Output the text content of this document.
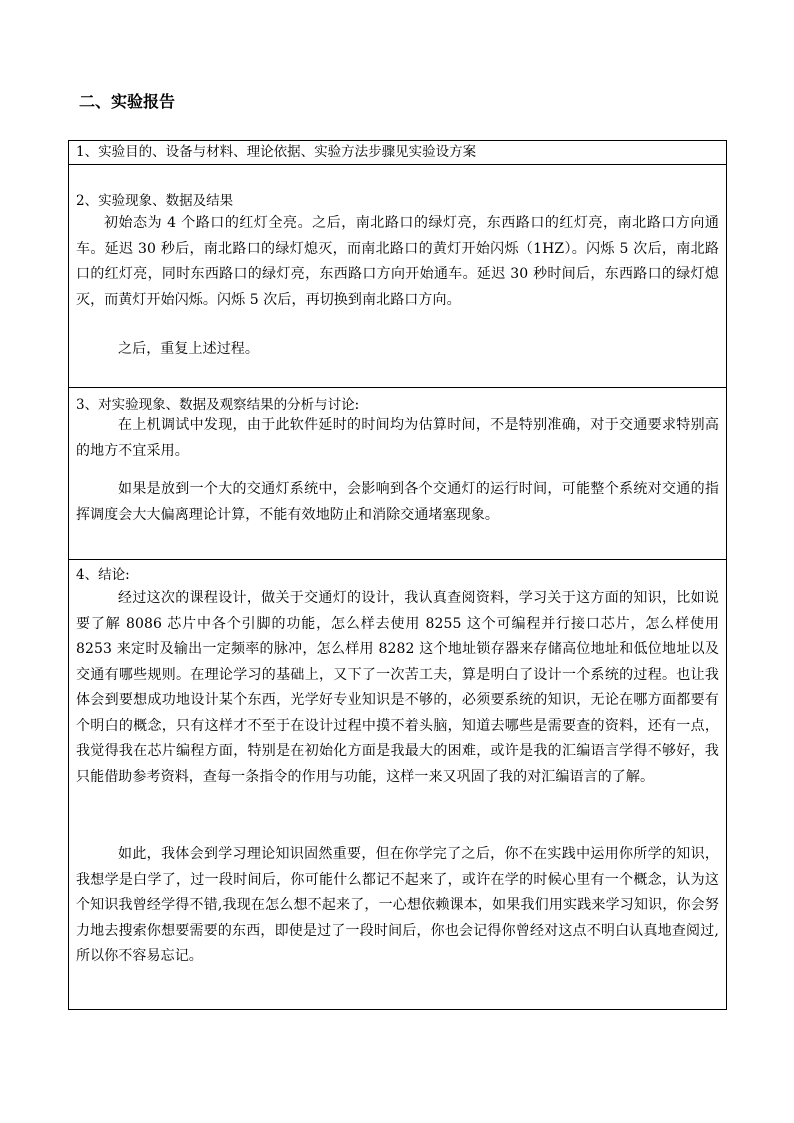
二、实验报告
1、实验目的、设备与材料、理论依据、实验方法步骤见实验设方案
2、实验现象、数据及结果

初始态为 4 个路口的红灯全亮。之后，南北路口的绿灯亮，东西路口的红灯亮，南北路口方向通车。延迟 30 秒后，南北路口的绿灯熄灭，而南北路口的黄灯开始闪烁（1HZ）。闪烁 5 次后，南北路口的红灯亮，同时东西路口的绿灯亮，东西路口方向开始通车。延迟 30 秒时间后，东西路口的绿灯熄灭，而黄灯开始闪烁。闪烁 5 次后，再切换到南北路口方向。

之后，重复上述过程。

3、对实验现象、数据及观察结果的分析与讨论:

在上机调试中发现，由于此软件延时的时间均为估算时间，不是特别准确，对于交通要求特别高的地方不宜采用。

如果是放到一个大的交通灯系统中，会影响到各个交通灯的运行时间，可能整个系统对交通的指挥调度会大大偏离理论计算，不能有效地防止和消除交通堵塞现象。

4、结论:

经过这次的课程设计，做关于交通灯的设计，我认真查阅资料，学习关于这方面的知识，比如说要了解 8086 芯片中各个引脚的功能，怎么样去使用 8255 这个可编程并行接口芯片，怎么样使用 8253 来定时及输出一定频率的脉冲，怎么样用 8282 这个地址锁存器来存储高位地址和低位地址以及交通有哪些规则。在理论学习的基础上，又下了一次苦工夫，算是明白了设计一个系统的过程。也让我体会到要想成功地设计某个东西，光学好专业知识是不够的，必须要系统的知识，无论在哪方面都要有个明白的概念，只有这样才不至于在设计过程中摸不着头脑，知道去哪些是需要查的资料，还有一点，我觉得我在芯片编程方面，特别是在初始化方面是我最大的困难，或许是我的汇编语言学得不够好，我只能借助参考资料，查每一条指令的作用与功能，这样一来又巩固了我的对汇编语言的了解。

如此，我体会到学习理论知识固然重要，但在你学完了之后，你不在实践中运用你所学的知识，我想学是白学了，过一段时间后，你可能什么都记不起来了，或许在学的时候心里有一个概念，认为这个知识我曾经学得不错,我现在怎么想不起来了，一心想依赖课本，如果我们用实践来学习知识，你会努力地去搜索你想要需要的东西，即使是过了一段时间后，你也会记得你曾经对这点不明白认真地查阅过,所以你不容易忘记。
